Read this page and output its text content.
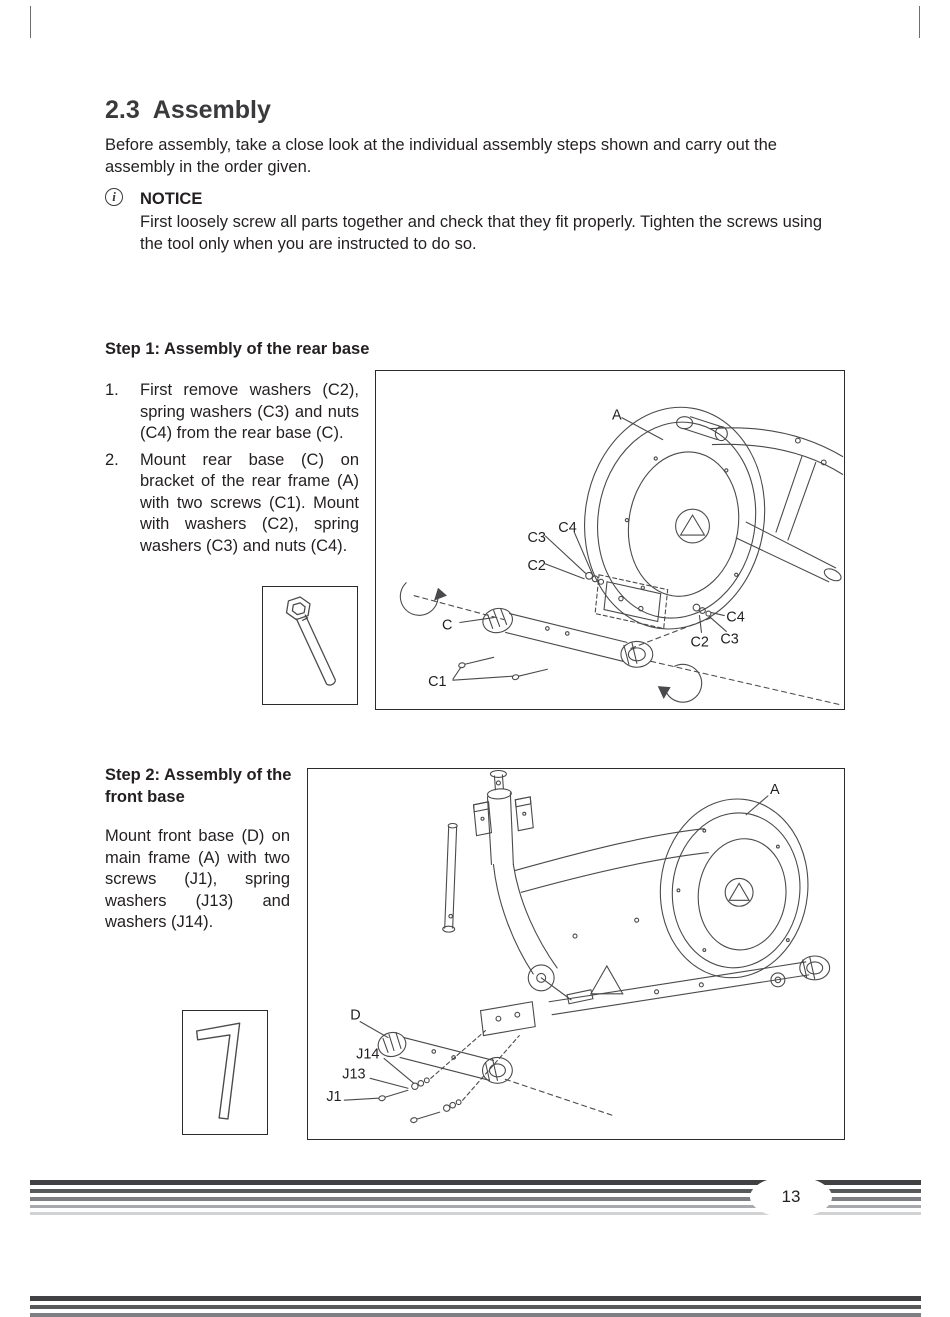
2.3 Assembly

Before assembly, take a close look at the individual assembly steps shown and carry out the assembly in the order given.

i NOTICE

First loosely screw all parts together and check that they fit properly. Tighten the screws using the tool only when you are instructed to do so.

Step 1: Assembly of the rear base
1. First remove washers (C2), spring washers (C3) and nuts (C4) from the rear base (C).

2. Mount rear base (C) on bracket of the rear frame (A) with two screws (C1). Mount with washers (C2), spring washers (C3) and nuts (C4).

A
C3
C4
C2
C
C1
C4
C2 C3
Step 2: Assembly of the front base

Mount front base (D) on main frame (A) with two screws (J1), spring washers (J13) and washers (J14).

A
D
J14
J13
J1
13
